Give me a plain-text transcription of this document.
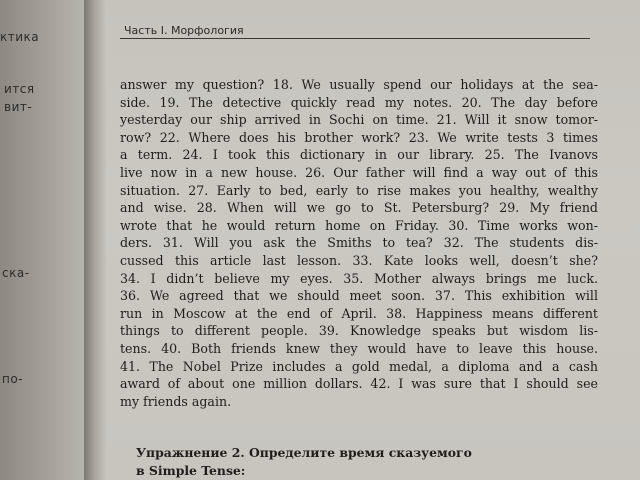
ктика
ится
вит-
ска-
по-
Часть I. Морфология
answer my question? 18. We usually spend our holidays at the sea-
side. 19. The detective quickly read my notes. 20. The day before
yesterday our ship arrived in Sochi on time. 21. Will it snow tomor-
row? 22. Where does his brother work? 23. We write tests 3 times
a term. 24. I took this dictionary in our library. 25. The Ivanovs
live now in a new house. 26. Our father will find a way out of this
situation. 27. Early to bed, early to rise makes you healthy, wealthy
and wise. 28. When will we go to St. Petersburg? 29. My friend
wrote that he would return home on Friday. 30. Time works won-
ders. 31. Will you ask the Smiths to tea? 32. The students dis-
cussed this article last lesson. 33. Kate looks well, doesn’t she?
34. I didn’t believe my eyes. 35. Mother always brings me luck.
36. We agreed that we should meet soon. 37. This exhibition will
run in Moscow at the end of April. 38. Happiness means different
things to different people. 39. Knowledge speaks but wisdom lis-
tens. 40. Both friends knew they would have to leave this house.
41. The Nobel Prize includes a gold medal, a diploma and a cash
award of about one million dollars. 42. I was sure that I should see
my friends again.
Упражнение 2. Определите время сказуемого
в Simple Tense:
